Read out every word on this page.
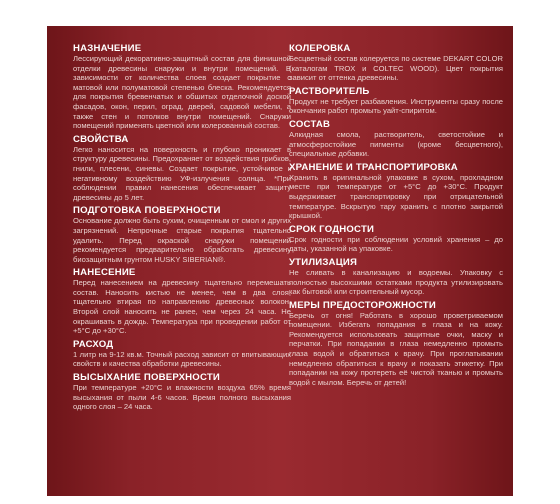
НАЗНАЧЕНИЕ

Лессирующий декоративно-защитный состав для финишной отделки древесины снаружи и внутри помещений. В зависимости от количества слоев создает покрытие с матовой или полуматовой степенью блеска. Рекомендуется для покрытия бревенчатых и обшитых отделочной доской фасадов, окон, перил, оград, дверей, садовой мебели, а также стен и потолков внутри помещений. Снаружи помещений применять цветной или колерованный состав.

СВОЙСТВА

Легко наносится на поверхность и глубоко проникает в структуру древесины. Предохраняет от воздействия грибков, гнили, плесени, синевы. Создает покрытие, устойчивое к негативному воздействию УФ-излучения солнца. *При соблюдении правил нанесения обеспечивает защиту древесины до 5 лет.

ПОДГОТОВКА ПОВЕРХНОСТИ

Основание должно быть сухим, очищенным от смол и других загрязнений. Непрочные старые покрытия тщательно удалить. Перед окраской снаружи помещений рекомендуется предварительно обработать древесину биозащитным грунтом HUSKY SIBERIAN®.

НАНЕСЕНИЕ

Перед нанесением на древесину тщательно перемешать состав. Наносить кистью не менее, чем в два слоя, тщательно втирая по направлению древесных волокон. Второй слой наносить не ранее, чем через 24 часа. Не окрашивать в дождь. Температура при проведении работ от +5°С до +30°С.

РАСХОД

1 литр на 9-12 кв.м. Точный расход зависит от впитывающих свойств и качества обработки древесины.

ВЫСЫХАНИЕ ПОВЕРХНОСТИ

При температуре +20°С и влажности воздуха 65% время высыхания от пыли 4-6 часов. Время полного высыхания одного слоя – 24 часа.

КОЛЕРОВКА

Бесцветный состав колеруется по системе DEKART COLOR (каталогам TROX и COLTEC WOOD). Цвет покрытия зависит от оттенка древесины.

РАСТВОРИТЕЛЬ

Продукт не требует разбавления. Инструменты сразу после окончания работ промыть уайт-спиритом.

СОСТАВ

Алкидная смола, растворитель, светостойкие и атмосферостойкие пигменты (кроме бесцветного), специальные добавки.

ХРАНЕНИЕ И ТРАНСПОРТИРОВКА

Хранить в оригинальной упаковке в сухом, прохладном месте при температуре от +5°С до +30°С. Продукт выдерживает транспортировку при отрицательной температуре. Вскрытую тару хранить с плотно закрытой крышкой.

СРОК ГОДНОСТИ

Срок годности при соблюдении условий хранения – до даты, указанной на упаковке.

УТИЛИЗАЦИЯ

Не сливать в канализацию и водоемы. Упаковку с полностью высохшими остатками продукта утилизировать как бытовой или строительный мусор.

МЕРЫ ПРЕДОСТОРОЖНОСТИ

Беречь от огня! Работать в хорошо проветриваемом помещении. Избегать попадания в глаза и на кожу. Рекомендуется использовать защитные очки, маску и перчатки. При попадании в глаза немедленно промыть глаза водой и обратиться к врачу. При проглатывании немедленно обратиться к врачу и показать этикетку. При попадании на кожу протереть её чистой тканью и промыть водой с мылом. Беречь от детей!
